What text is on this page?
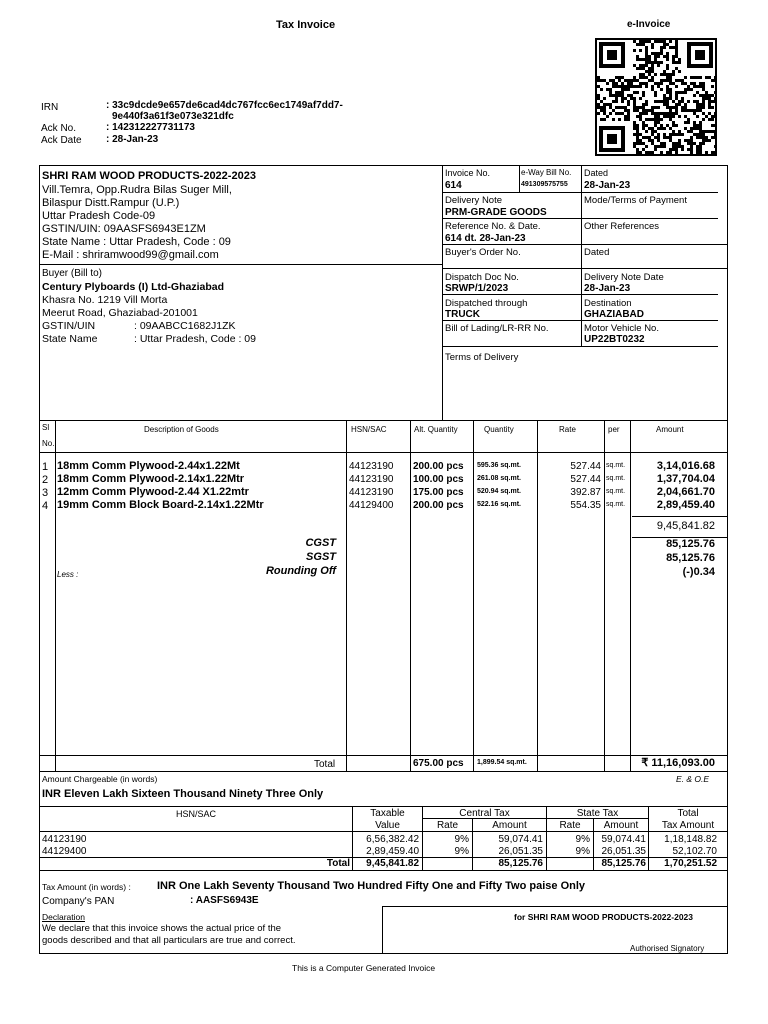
Tax Invoice	e-Invoice
IRN	: 33c9dcde9e657de6cad4dc767fcc6ec1749af7dd7-
9e440f3a61f3e073e321dfc
Ack No.	: 142312227731173
Ack Date : 28-Jan-23
SHRI RAM WOOD PRODUCTS-2022-2023
Vill.Temra, Opp.Rudra Bilas Suger Mill,
Bilaspur Distt.Rampur (U.P.)
Uttar Pradesh Code-09
GSTIN/UIN: 09AASFS6943E1ZM
State Name : Uttar Pradesh, Code : 09
E-Mail : shriramwood99@gmail.com
Buyer (Bill to)
Century Plyboards (I) Ltd-Ghaziabad
Khasra No. 1219 Vill Morta
Meerut Road, Ghaziabad-201001
GSTIN/UIN	: 09AABCC1682J1ZK
State Name	: Uttar Pradesh, Code : 09
Invoice No.
614
e-Way Bill No.
491309575755
Dated
28-Jan-23
Delivery Note
PRM-GRADE GOODS
Mode/Terms of Payment
Reference No. & Date.
614 dt. 28-Jan-23
Other References
Buyer's Order No.	Dated
Dispatch Doc No.
SRWP/1/2023
Delivery Note Date
28-Jan-23
Dispatched through
TRUCK
Destination
GHAZIABAD
Bill of Lading/LR-RR No.	Motor Vehicle No.
UP22BT0232
Terms of Delivery
Sl
No.
Description of Goods	HSN/SAC	Alt. Quantity	Quantity	Rate	per	Amount
1 18mm Comm Plywood-2.44x1.22Mt	44123190 200.00 pcs 595.36 sq.mt.	527.44 sq.mt.	3,14,016.68
2 18mm Comm Plywood-2.14x1.22Mtr	44123190 100.00 pcs 261.08 sq.mt.	527.44 sq.mt.	1,37,704.04
3 12mm Comm Plywood-2.44 X1.22mtr	44123190 175.00 pcs 520.94 sq.mt.	392.87 sq.mt.	2,04,661.70
4 19mm Comm Block Board-2.14x1.22Mtr	44129400 200.00 pcs 522.16 sq.mt.	554.35 sq.mt.	2,89,459.40
9,45,841.82
CGST	85,125.76
SGST	85,125.76
Less :	Rounding Off	(-)0.34
Total	675.00 pcs 1,899.54 sq.mt.	₹ 11,16,093.00
Amount Chargeable (in words)	E. & O.E
INR Eleven Lakh Sixteen Thousand Ninety Three Only
HSN/SAC	Taxable
Value
Central Tax	State Tax
Rate	Amount	Rate	Amount
Total
Tax Amount
44123190	6,56,382.42	9%	59,074.41	9%	59,074.41	1,18,148.82
44129400	2,89,459.40	9%	26,051.35	9%	26,051.35	52,102.70
Total	9,45,841.82	85,125.76	85,125.76	1,70,251.52
Tax Amount (in words) : INR One Lakh Seventy Thousand Two Hundred Fifty One and Fifty Two paise Only
Company's PAN	: AASFS6943E
Declaration
We declare that this invoice shows the actual price of the
goods described and that all particulars are true and correct.
for SHRI RAM WOOD PRODUCTS-2022-2023
Authorised Signatory
This is a Computer Generated Invoice
